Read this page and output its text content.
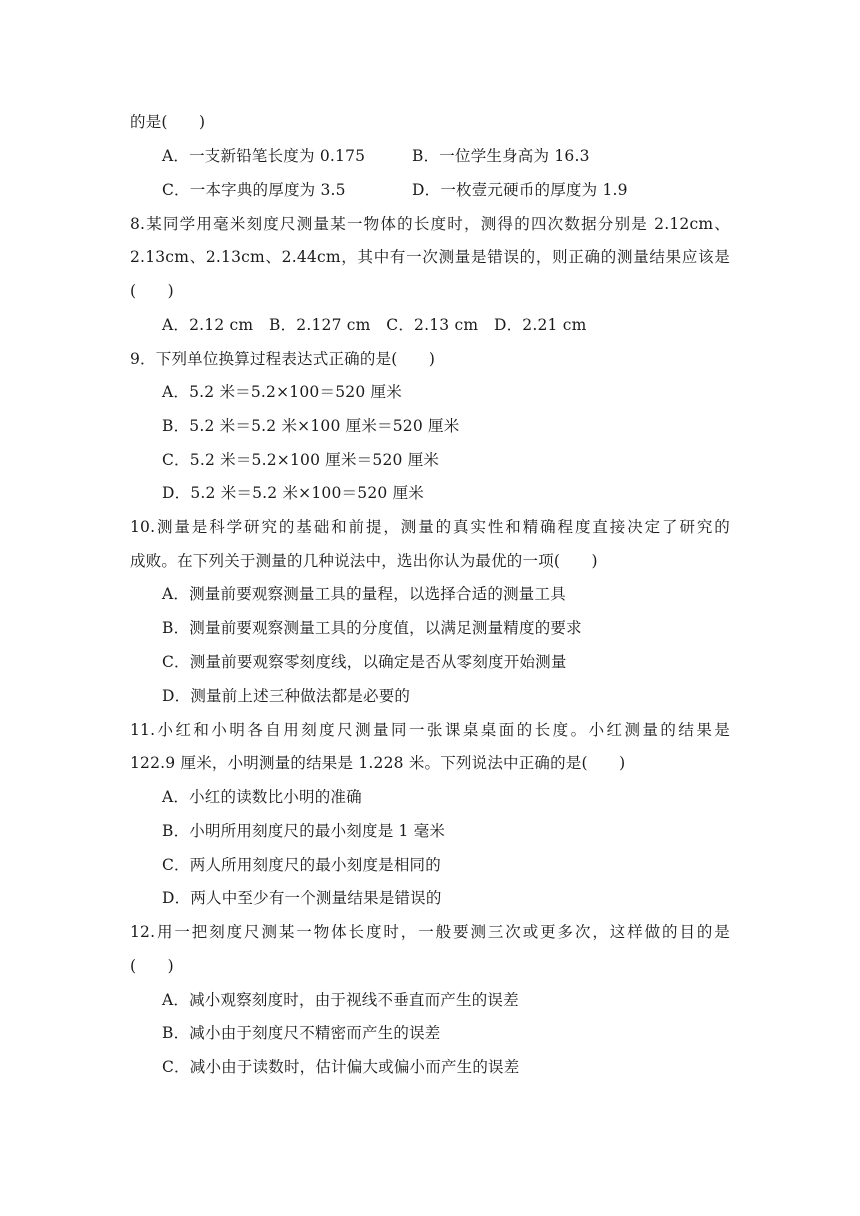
的是(　　)
A．一支新铅笔长度为 0.175	B．一位学生身高为 16.3
C．一本字典的厚度为 3.5	D．一枚壹元硬币的厚度为 1.9
8.某同学用毫米刻度尺测量某一物体的长度时，测得的四次数据分别是 2.12cm、
2.13cm、2.13cm、2.44cm，其中有一次测量是错误的，则正确的测量结果应该是
(　　)
A．2.12 cm　B．2.127 cm　C．2.13 cm　D．2.21 cm
9．下列单位换算过程表达式正确的是(　　)
A．5.2 米＝5.2×100＝520 厘米
B．5.2 米＝5.2 米×100 厘米＝520 厘米
C．5.2 米＝5.2×100 厘米＝520 厘米
D．5.2 米＝5.2 米×100＝520 厘米
10.测量是科学研究的基础和前提，测量的真实性和精确程度直接决定了研究的
成败。在下列关于测量的几种说法中，选出你认为最优的一项(　　)
A．测量前要观察测量工具的量程，以选择合适的测量工具
B．测量前要观察测量工具的分度值，以满足测量精度的要求
C．测量前要观察零刻度线，以确定是否从零刻度开始测量
D．测量前上述三种做法都是必要的
11.小红和小明各自用刻度尺测量同一张课桌桌面的长度。小红测量的结果是
122.9 厘米，小明测量的结果是 1.228 米。下列说法中正确的是(　　)
A．小红的读数比小明的准确
B．小明所用刻度尺的最小刻度是 1 毫米
C．两人所用刻度尺的最小刻度是相同的
D．两人中至少有一个测量结果是错误的
12.用一把刻度尺测某一物体长度时，一般要测三次或更多次，这样做的目的是
(　　)
A．减小观察刻度时，由于视线不垂直而产生的误差
B．减小由于刻度尺不精密而产生的误差
C．减小由于读数时，估计偏大或偏小而产生的误差
